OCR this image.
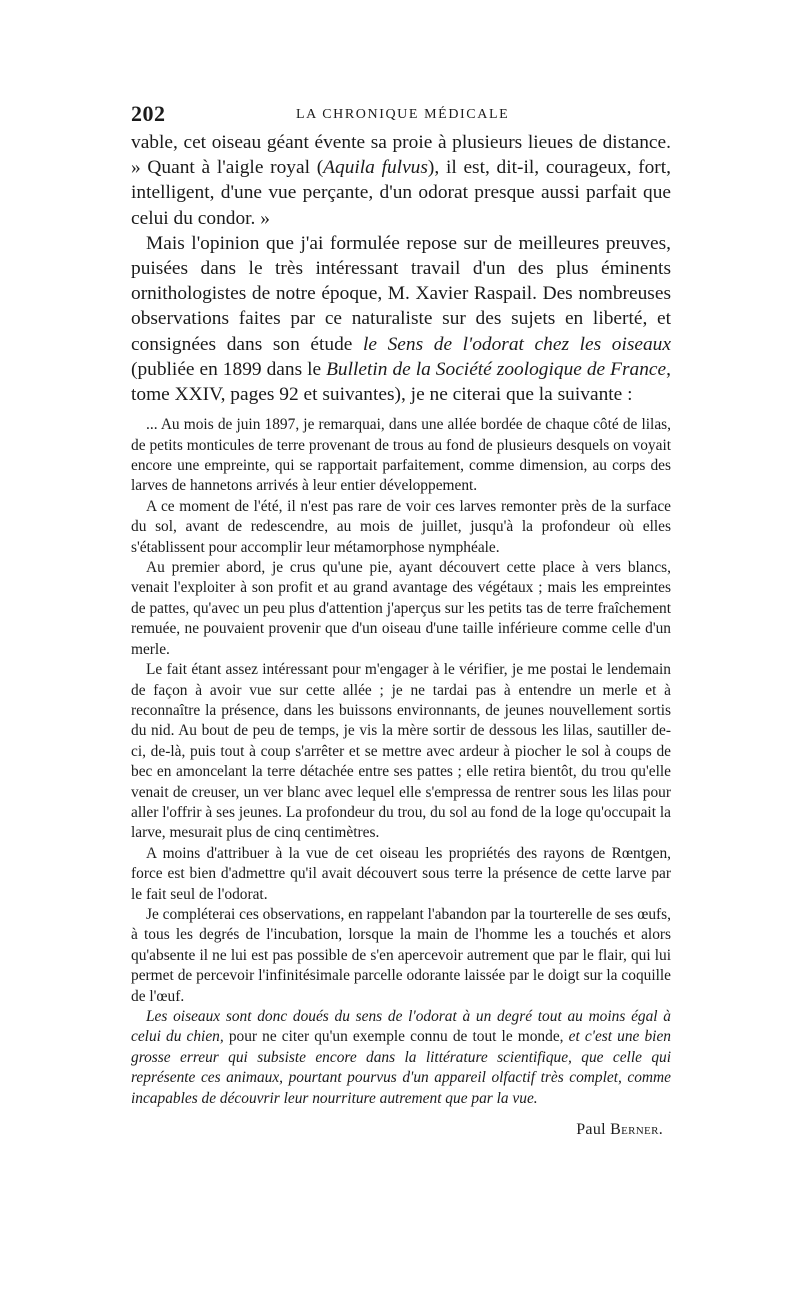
202	LA CHRONIQUE MÉDICALE

vable, cet oiseau géant évente sa proie à plusieurs lieues de distance. » Quant à l'aigle royal (Aquila fulvus), il est, dit-il, courageux, fort, intelligent, d'une vue perçante, d'un odorat presque aussi parfait que celui du condor. »

Mais l'opinion que j'ai formulée repose sur de meilleures preuves, puisées dans le très intéressant travail d'un des plus éminents ornithologistes de notre époque, M. Xavier Raspail. Des nombreuses observations faites par ce naturaliste sur des sujets en liberté, et consignées dans son étude le Sens de l'odorat chez les oiseaux (publiée en 1899 dans le Bulletin de la Société zoologique de France, tome XXIV, pages 92 et suivantes), je ne citerai que la suivante :

... Au mois de juin 1897, je remarquai, dans une allée bordée de chaque côté de lilas, de petits monticules de terre provenant de trous au fond de plusieurs desquels on voyait encore une empreinte, qui se rapportait parfaitement, comme dimension, au corps des larves de hannetons arrivés à leur entier développement.

A ce moment de l'été, il n'est pas rare de voir ces larves remonter près de la surface du sol, avant de redescendre, au mois de juillet, jusqu'à la profondeur où elles s'établissent pour accomplir leur métamorphose nymphéale.

Au premier abord, je crus qu'une pie, ayant découvert cette place à vers blancs, venait l'exploiter à son profit et au grand avantage des végétaux ; mais les empreintes de pattes, qu'avec un peu plus d'attention j'aperçus sur les petits tas de terre fraîchement remuée, ne pouvaient provenir que d'un oiseau d'une taille inférieure comme celle d'un merle.

Le fait étant assez intéressant pour m'engager à le vérifier, je me postai le lendemain de façon à avoir vue sur cette allée ; je ne tardai pas à entendre un merle et à reconnaître la présence, dans les buissons environnants, de jeunes nouvellement sortis du nid. Au bout de peu de temps, je vis la mère sortir de dessous les lilas, sautiller de-ci, de-là, puis tout à coup s'arrêter et se mettre avec ardeur à piocher le sol à coups de bec en amoncelant la terre détachée entre ses pattes ; elle retira bientôt, du trou qu'elle venait de creuser, un ver blanc avec lequel elle s'empressa de rentrer sous les lilas pour aller l'offrir à ses jeunes. La profondeur du trou, du sol au fond de la loge qu'occupait la larve, mesurait plus de cinq centimètres.

A moins d'attribuer à la vue de cet oiseau les propriétés des rayons de Rœntgen, force est bien d'admettre qu'il avait découvert sous terre la présence de cette larve par le fait seul de l'odorat.

Je compléterai ces observations, en rappelant l'abandon par la tourterelle de ses œufs, à tous les degrés de l'incubation, lorsque la main de l'homme les a touchés et alors qu'absente il ne lui est pas possible de s'en apercevoir autrement que par le flair, qui lui permet de percevoir l'infinitésimale parcelle odorante laissée par le doigt sur la coquille de l'œuf.

Les oiseaux sont donc doués du sens de l'odorat à un degré tout au moins égal à celui du chien, pour ne citer qu'un exemple connu de tout le monde, et c'est une bien grosse erreur qui subsiste encore dans la littérature scientifique, que celle qui représente ces animaux, pourtant pourvus d'un appareil olfactif très complet, comme incapables de découvrir leur nourriture autrement que par la vue.

Paul Berner.
